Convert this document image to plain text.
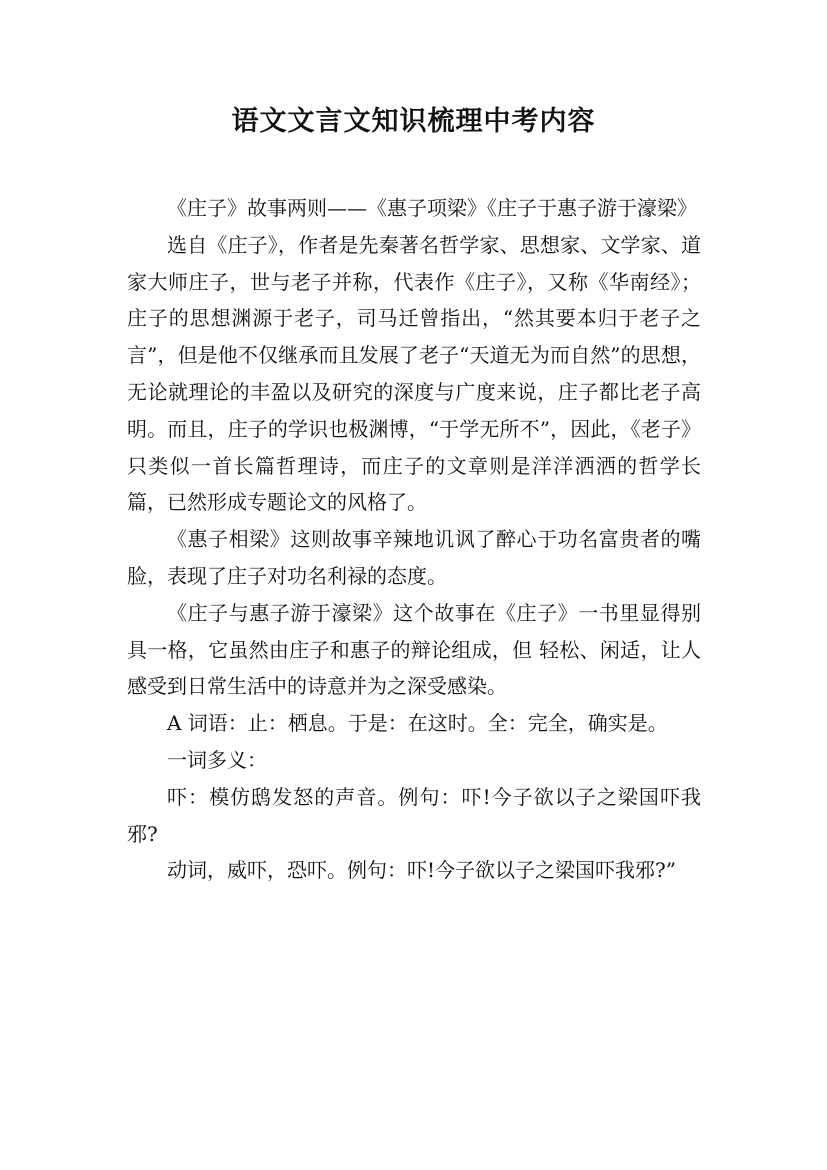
语文文言文知识梳理中考内容

《庄子》故事两则——《惠子项梁》《庄子于惠子游于濠梁》

选自《庄子》，作者是先秦著名哲学家、思想家、文学家、道家大师庄子，世与老子并称，代表作《庄子》，又称《华南经》；庄子的思想渊源于老子，司马迁曾指出，“然其要本归于老子之言”，但是他不仅继承而且发展了老子“天道无为而自然”的思想，无论就理论的丰盈以及研究的深度与广度来说，庄子都比老子高明。而且，庄子的学识也极渊博，“于学无所不”，因此，《老子》只类似一首长篇哲理诗，而庄子的文章则是洋洋洒洒的哲学长篇，已然形成专题论文的风格了。

《惠子相梁》这则故事辛辣地讥讽了醉心于功名富贵者的嘴脸，表现了庄子对功名利禄的态度。

《庄子与惠子游于濠梁》这个故事在《庄子》一书里显得别具一格，它虽然由庄子和惠子的辩论组成，但 轻松、闲适，让人感受到日常生活中的诗意并为之深受感染。

A 词语：止：栖息。于是：在这时。全：完全，确实是。

一词多义：

吓：模仿鸱发怒的声音。例句：吓!今子欲以子之梁国吓我邪?

动词，威吓，恐吓。例句：吓!今子欲以子之梁国吓我邪?”
